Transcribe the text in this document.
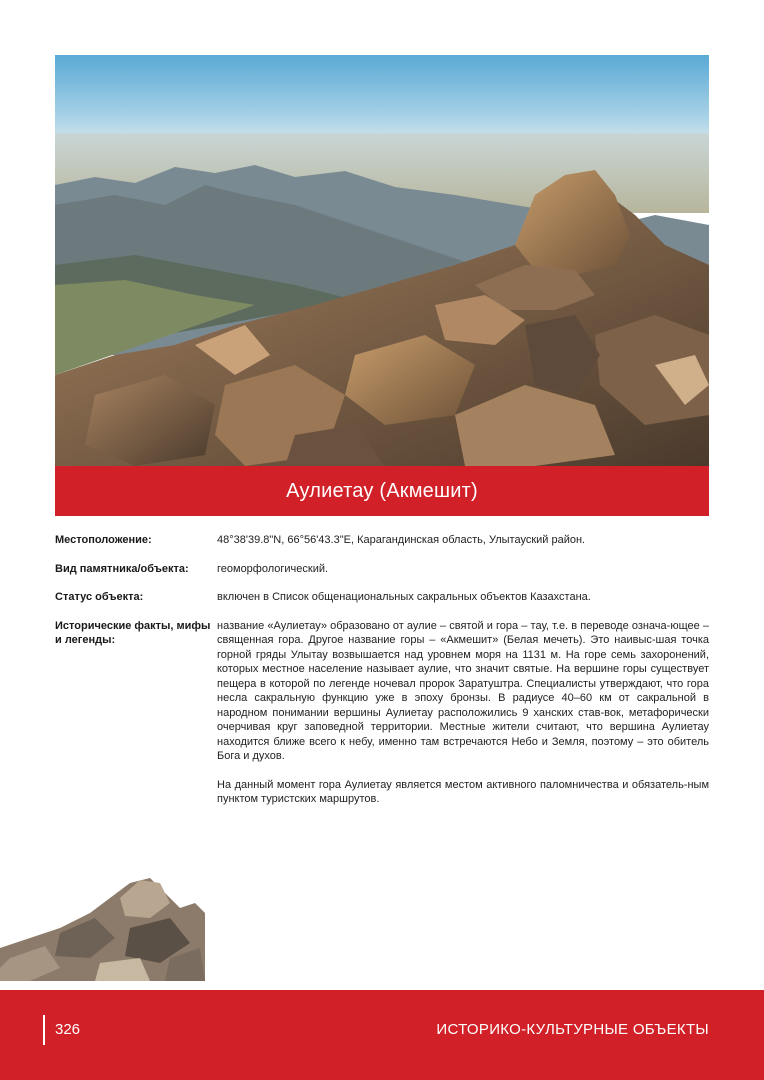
Аулиетау (Акмешит)
Местоположение:	48°38'39.8"N, 66°56'43.3"E, Карагандинская область, Улытауский район.
Вид памятника/объекта:	геоморфологический.
Статус объекта:	включен в Список общенациональных сакральных объектов Казахстана.
Исторические факты, мифы и легенды:

название «Аулиетау» образовано от аулие – святой и гора – тау, т.е. в переводе означа-ющее – священная гора. Другое название горы – «Акмешит» (Белая мечеть). Это наивыс-шая точка горной гряды Улытау возвышается над уровнем моря на 1131 м. На горе семь захоронений, которых местное население называет аулие, что значит святые. На вершине горы существует пещера в которой по легенде ночевал пророк Заратуштра. Специалисты утверждают, что гора несла сакральную функцию уже в эпоху бронзы. В радиусе 40–60 км от сакральной в народном понимании вершины Аулиетау расположились 9 ханских став-вок, метафорически очерчивая круг заповедной территории. Местные жители считают, что вершина Аулиетау находится ближе всего к небу, именно там встречаются Небо и Земля, поэтому – это обитель Бога и духов.

На данный момент гора Аулиетау является местом активного паломничества и обязатель-ным пунктом туристских маршрутов.

326	ИСТОРИКО-КУЛЬТУРНЫЕ ОБЪЕКТЫ
